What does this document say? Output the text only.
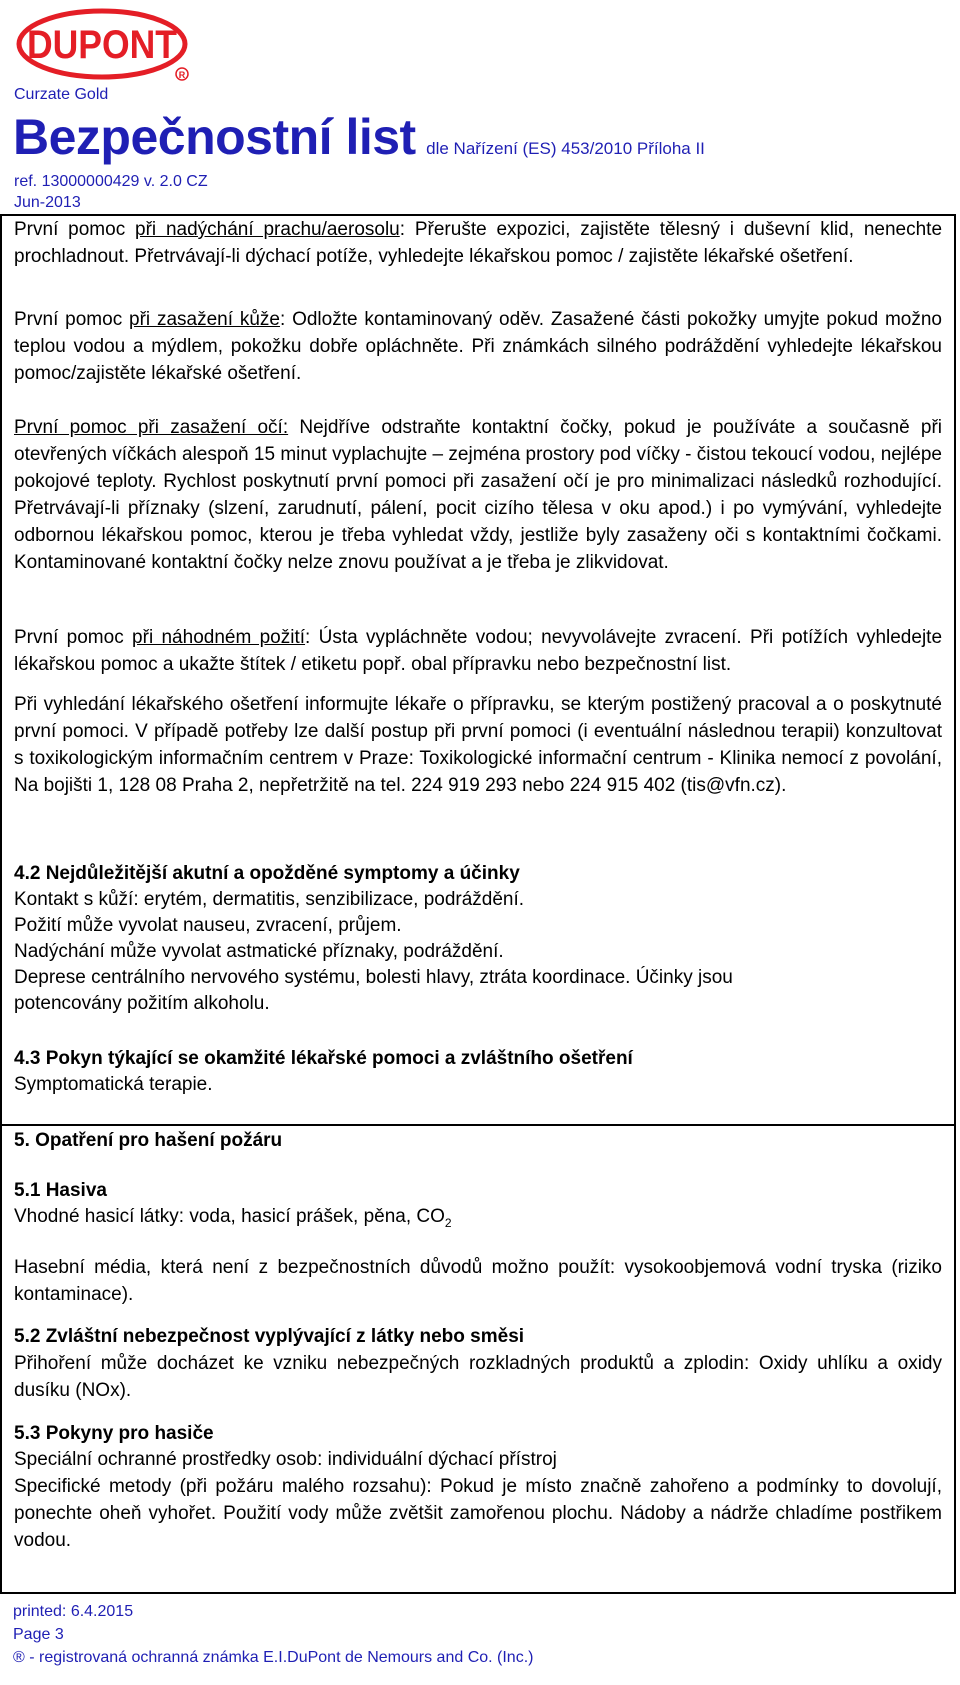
DUPONT
R
Curzate Gold
Bezpečnostní list dle Nařízení (ES) 453/2010 Příloha II
ref. 13000000429 v. 2.0 CZ
Jun-2013

První pomoc při nadýchání prachu/aerosolu: Přerušte expozici, zajistěte tělesný i duševní klid, nenechte prochladnout. Přetrvávají-li dýchací potíže, vyhledejte lékařskou pomoc / zajistěte lékařské ošetření.

První pomoc při zasažení kůže: Odložte kontaminovaný oděv. Zasažené části pokožky umyjte pokud možno teplou vodou a mýdlem, pokožku dobře opláchněte. Při známkách silného podráždění vyhledejte lékařskou pomoc/zajistěte lékařské ošetření.

První pomoc při zasažení očí: Nejdříve odstraňte kontaktní čočky, pokud je používáte a současně při otevřených víčkách alespoň 15 minut vyplachujte – zejména prostory pod víčky - čistou tekoucí vodou, nejlépe pokojové teploty. Rychlost poskytnutí první pomoci při zasažení očí je pro minimalizaci následků rozhodující. Přetrvávají-li příznaky (slzení, zarudnutí, pálení, pocit cizího tělesa v oku apod.) i po vymývání, vyhledejte odbornou lékařskou pomoc, kterou je třeba vyhledat vždy, jestliže byly zasaženy oči s kontaktními čočkami. Kontaminované kontaktní čočky nelze znovu používat a je třeba je zlikvidovat.

První pomoc při náhodném požití: Ústa vypláchněte vodou; nevyvolávejte zvracení. Při potížích vyhledejte lékařskou pomoc a ukažte štítek / etiketu popř. obal přípravku nebo bezpečnostní list.

Při vyhledání lékařského ošetření informujte lékaře o přípravku, se kterým postižený pracoval a o poskytnuté první pomoci. V případě potřeby lze další postup při první pomoci (i eventuální následnou terapii) konzultovat s toxikologickým informačním centrem v Praze: Toxikologické informační centrum - Klinika nemocí z povolání, Na bojišti 1, 128 08 Praha 2, nepřetržitě na tel. 224 919 293 nebo 224 915 402 (tis@vfn.cz).

4.2 Nejdůležitější akutní a opožděné symptomy a účinky
Kontakt s kůží: erytém, dermatitis, senzibilizace, podráždění.
Požití může vyvolat nauseu, zvracení, průjem.
Nadýchání může vyvolat astmatické příznaky, podráždění.
Deprese centrálního nervového systému, bolesti hlavy, ztráta koordinace. Účinky jsou
potencovány požitím alkoholu.
4.3 Pokyn týkající se okamžité lékařské pomoci a zvláštního ošetření
Symptomatická terapie.
5. Opatření pro hašení požáru
5.1 Hasiva
Vhodné hasicí látky: voda, hasicí prášek, pěna, $CO_2$

Hasební média, která není z bezpečnostních důvodů možno použít: vysokoobjemová vodní tryska (riziko kontaminace).

5.2 Zvláštní nebezpečnost vyplývající z látky nebo směsi

Přihoření může docházet ke vzniku nebezpečných rozkladných produktů a zplodin: Oxidy uhlíku a oxidy dusíku (NOx).

5.3 Pokyny pro hasiče
Speciální ochranné prostředky osob: individuální dýchací přístroj

Specifické metody (při požáru malého rozsahu): Pokud je místo značně zahořeno a podmínky to dovolují, ponechte oheň vyhořet. Použití vody může zvětšit zamořenou plochu. Nádoby a nádrže chladíme postřikem vodou.

printed: 6.4.2015
Page 3
® - registrovaná ochranná známka E.I.DuPont de Nemours and Co. (Inc.)
